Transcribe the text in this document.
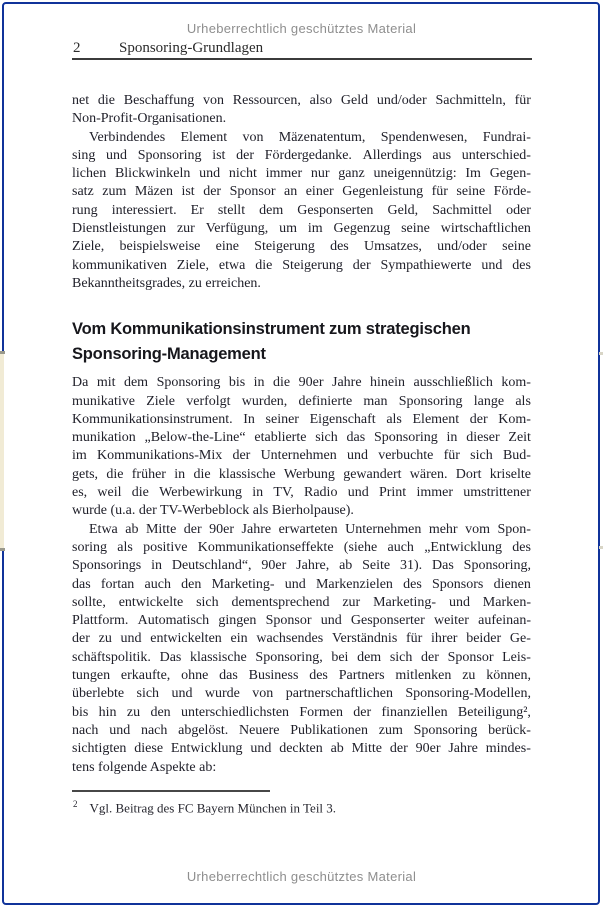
Urheberrechtlich geschütztes Material
2	Sponsoring-Grundlagen
net die Beschaffung von Ressourcen, also Geld und/oder Sachmitteln, für
Non-Profit-Organisationen.
Verbindendes Element von Mäzenatentum, Spendenwesen, Fundrai-
sing und Sponsoring ist der Fördergedanke. Allerdings aus unterschied-
lichen Blickwinkeln und nicht immer nur ganz uneigennützig: Im Gegen-
satz zum Mäzen ist der Sponsor an einer Gegenleistung für seine Förde-
rung interessiert. Er stellt dem Gesponserten Geld, Sachmittel oder
Dienstleistungen zur Verfügung, um im Gegenzug seine wirtschaftlichen
Ziele, beispielsweise eine Steigerung des Umsatzes, und/oder seine
kommunikativen Ziele, etwa die Steigerung der Sympathiewerte und des
Bekanntheitsgrades, zu erreichen.
Vom Kommunikationsinstrument zum strategischen
Sponsoring-Management
Da mit dem Sponsoring bis in die 90er Jahre hinein ausschließlich kom-
munikative Ziele verfolgt wurden, definierte man Sponsoring lange als
Kommunikationsinstrument. In seiner Eigenschaft als Element der Kom-
munikation „Below-the-Line“ etablierte sich das Sponsoring in dieser Zeit
im Kommunikations-Mix der Unternehmen und verbuchte für sich Bud-
gets, die früher in die klassische Werbung gewandert wären. Dort kriselte
es, weil die Werbewirkung in TV, Radio und Print immer umstrittener
wurde (u.a. der TV-Werbeblock als Bierholpause).
Etwa ab Mitte der 90er Jahre erwarteten Unternehmen mehr vom Spon-
soring als positive Kommunikationseffekte (siehe auch „Entwicklung des
Sponsorings in Deutschland“, 90er Jahre, ab Seite 31). Das Sponsoring,
das fortan auch den Marketing- und Markenzielen des Sponsors dienen
sollte, entwickelte sich dementsprechend zur Marketing- und Marken-
Plattform. Automatisch gingen Sponsor und Gesponserter weiter aufeinan-
der zu und entwickelten ein wachsendes Verständnis für ihrer beider Ge-
schäftspolitik. Das klassische Sponsoring, bei dem sich der Sponsor Leis-
tungen erkaufte, ohne das Business des Partners mitlenken zu können,
überlebte sich und wurde von partnerschaftlichen Sponsoring-Modellen,
bis hin zu den unterschiedlichsten Formen der finanziellen Beteiligung²,
nach und nach abgelöst. Neuere Publikationen zum Sponsoring berück-
sichtigten diese Entwicklung und deckten ab Mitte der 90er Jahre mindes-
tens folgende Aspekte ab:
$^2$ Vgl. Beitrag des FC Bayern München in Teil 3.
Urheberrechtlich geschütztes Material
